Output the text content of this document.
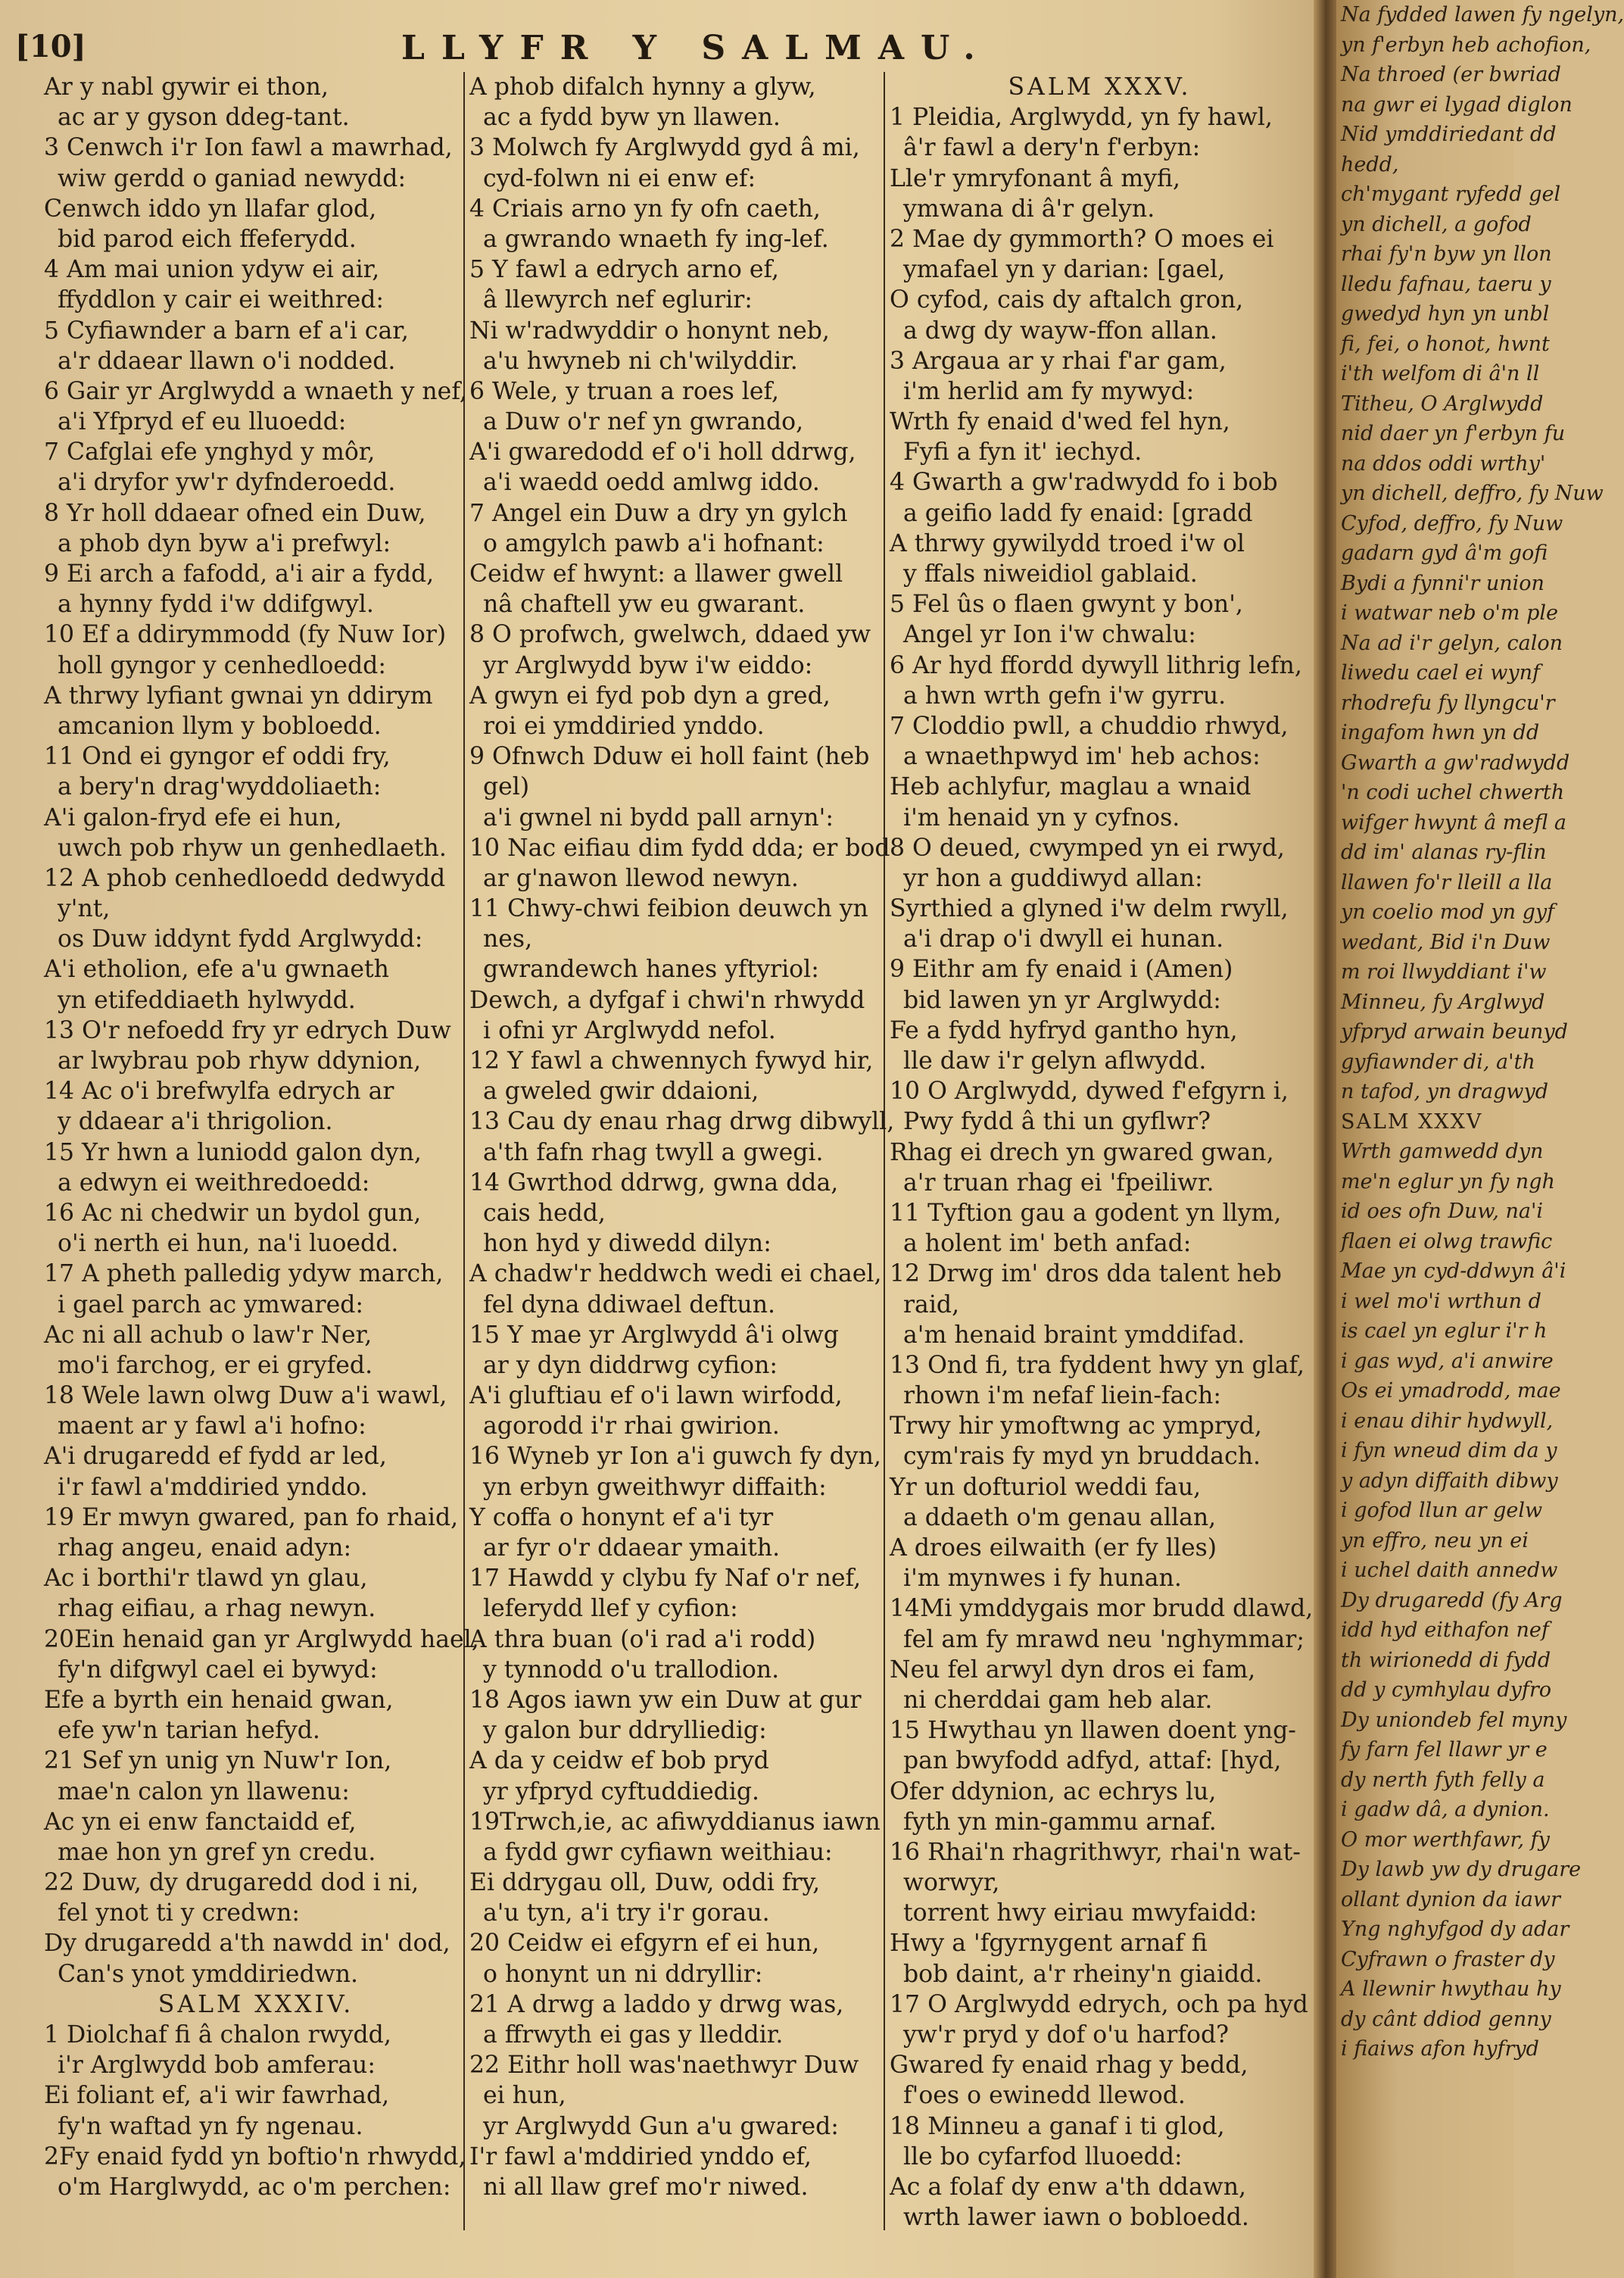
[10]	LLYFR Y SALMAU.
Ar y nabl gywir ei thon,
ac ar y gyson ddeg-tant.
3 Cenwch i'r Ion fawl a mawrhad,
wiw gerdd o ganiad newydd:
Cenwch iddo yn llafar glod,
bid parod eich ffeferydd.
4 Am mai union ydyw ei air,
ffyddlon y cair ei weithred:
5 Cyfiawnder a barn ef a'i car,
a'r ddaear llawn o'i nodded.
6 Gair yr Arglwydd a wnaeth y nef,
a'i Yfpryd ef eu lluoedd:
7 Cafglai efe ynghyd y môr,
a'i dryfor yw'r dyfnderoedd.
8 Yr holl ddaear ofned ein Duw,
a phob dyn byw a'i prefwyl:
9 Ei arch a fafodd, a'i air a fydd,
a hynny fydd i'w ddifgwyl.
10 Ef a ddirymmodd (fy Nuw Ior)
holl gyngor y cenhedloedd:
A thrwy lyfiant gwnai yn ddirym
amcanion llym y bobloedd.
11 Ond ei gyngor ef oddi fry,
a bery'n drag'wyddoliaeth:
A'i galon-fryd efe ei hun,
uwch pob rhyw un genhedlaeth.
12 A phob cenhedloedd dedwydd
y'nt,
os Duw iddynt fydd Arglwydd:
A'i etholion, efe a'u gwnaeth
yn etifeddiaeth hylwydd.
13 O'r nefoedd fry yr edrych Duw
ar lwybrau pob rhyw ddynion,
14 Ac o'i brefwylfa edrych ar
y ddaear a'i thrigolion.
15 Yr hwn a luniodd galon dyn,
a edwyn ei weithredoedd:
16 Ac ni chedwir un bydol gun,
o'i nerth ei hun, na'i luoedd.
17 A pheth palledig ydyw march,
i gael parch ac ymwared:
Ac ni all achub o law'r Ner,
mo'i farchog, er ei gryfed.
18 Wele lawn olwg Duw a'i wawl,
maent ar y fawl a'i hofno:
A'i drugaredd ef fydd ar led,
i'r fawl a'mddiried ynddo.
19 Er mwyn gwared, pan fo rhaid,
rhag angeu, enaid adyn:
Ac i borthi'r tlawd yn glau,
rhag eifiau, a rhag newyn.
20Ein henaid gan yr Arglwydd hael,
fy'n difgwyl cael ei bywyd:
Efe a byrth ein henaid gwan,
efe yw'n tarian hefyd.
21 Sef yn unig yn Nuw'r Ion,
mae'n calon yn llawenu:
Ac yn ei enw fanctaidd ef,
mae hon yn gref yn credu.
22 Duw, dy drugaredd dod i ni,
fel ynot ti y credwn:
Dy drugaredd a'th nawdd in' dod,
Can's ynot ymddiriedwn.
SALM XXXIV.
1 Diolchaf fi â chalon rwydd,
i'r Arglwydd bob amferau:
Ei foliant ef, a'i wir fawrhad,
fy'n waftad yn fy ngenau.
2Fy enaid fydd yn boftio'n rhwydd,
o'm Harglwydd, ac o'm perchen:
A phob difalch hynny a glyw,
ac a fydd byw yn llawen.
3 Molwch fy Arglwydd gyd â mi,
cyd-folwn ni ei enw ef:
4 Criais arno yn fy ofn caeth,
a gwrando wnaeth fy ing-lef.
5 Y fawl a edrych arno ef,
â llewyrch nef eglurir:
Ni w'radwyddir o honynt neb,
a'u hwyneb ni ch'wilyddir.
6 Wele, y truan a roes lef,
a Duw o'r nef yn gwrando,
A'i gwaredodd ef o'i holl ddrwg,
a'i waedd oedd amlwg iddo.
7 Angel ein Duw a dry yn gylch
o amgylch pawb a'i hofnant:
Ceidw ef hwynt: a llawer gwell
nâ chaftell yw eu gwarant.
8 O profwch, gwelwch, ddaed yw
yr Arglwydd byw i'w eiddo:
A gwyn ei fyd pob dyn a gred,
roi ei ymddiried ynddo.
9 Ofnwch Dduw ei holl faint (heb
gel)
a'i gwnel ni bydd pall arnyn':
10 Nac eifiau dim fydd dda; er bod
ar g'nawon llewod newyn.
11 Chwy-chwi feibion deuwch yn
nes,
gwrandewch hanes yftyriol:
Dewch, a dyfgaf i chwi'n rhwydd
i ofni yr Arglwydd nefol.
12 Y fawl a chwennych fywyd hir,
a gweled gwir ddaioni,
13 Cau dy enau rhag drwg dibwyll,
a'th fafn rhag twyll a gwegi.
14 Gwrthod ddrwg, gwna dda,
cais hedd,
hon hyd y diwedd dilyn:
A chadw'r heddwch wedi ei chael,
fel dyna ddiwael deftun.
15 Y mae yr Arglwydd â'i olwg
ar y dyn diddrwg cyfion:
A'i gluftiau ef o'i lawn wirfodd,
agorodd i'r rhai gwirion.
16 Wyneb yr Ion a'i guwch fy dyn,
yn erbyn gweithwyr diffaith:
Y coffa o honynt ef a'i tyr
ar fyr o'r ddaear ymaith.
17 Hawdd y clybu fy Naf o'r nef,
leferydd llef y cyfion:
A thra buan (o'i rad a'i rodd)
y tynnodd o'u trallodion.
18 Agos iawn yw ein Duw at gur
y galon bur ddrylliedig:
A da y ceidw ef bob pryd
yr yfpryd cyftuddiedig.
19Trwch,ie, ac afiwyddianus iawn
a fydd gwr cyfiawn weithiau:
Ei ddrygau oll, Duw, oddi fry,
a'u tyn, a'i try i'r gorau.
20 Ceidw ei efgyrn ef ei hun,
o honynt un ni ddryllir:
21 A drwg a laddo y drwg was,
a ffrwyth ei gas y lleddir.
22 Eithr holl was'naethwyr Duw
ei hun,
yr Arglwydd Gun a'u gwared:
I'r fawl a'mddiried ynddo ef,
ni all llaw gref mo'r niwed.
SALM XXXV.
1 Pleidia, Arglwydd, yn fy hawl,
â'r fawl a dery'n f'erbyn:
Lle'r ymryfonant â myfi,
ymwana di â'r gelyn.
2 Mae dy gymmorth? O moes ei
ymafael yn y darian: [gael,
O cyfod, cais dy aftalch gron,
a dwg dy wayw-ffon allan.
3 Argaua ar y rhai f'ar gam,
i'm herlid am fy mywyd:
Wrth fy enaid d'wed fel hyn,
Fyfi a fyn it' iechyd.
4 Gwarth a gw'radwydd fo i bob
a geifio ladd fy enaid: [gradd
A thrwy gywilydd troed i'w ol
y ffals niweidiol gablaid.
5 Fel ûs o flaen gwynt y bon',
Angel yr Ion i'w chwalu:
6 Ar hyd ffordd dywyll lithrig lefn,
a hwn wrth gefn i'w gyrru.
7 Cloddio pwll, a chuddio rhwyd,
a wnaethpwyd im' heb achos:
Heb achlyfur, maglau a wnaid
i'm henaid yn y cyfnos.
8 O deued, cwymped yn ei rwyd,
yr hon a guddiwyd allan:
Syrthied a glyned i'w delm rwyll,
a'i drap o'i dwyll ei hunan.
9 Eithr am fy enaid i (Amen)
bid lawen yn yr Arglwydd:
Fe a fydd hyfryd gantho hyn,
lle daw i'r gelyn aflwydd.
10 O Arglwydd, dywed f'efgyrn i,
Pwy fydd â thi un gyflwr?
Rhag ei drech yn gwared gwan,
a'r truan rhag ei 'fpeiliwr.
11 Tyftion gau a godent yn llym,
a holent im' beth anfad:
12 Drwg im' dros dda talent heb
raid,
a'm henaid braint ymddifad.
13 Ond fi, tra fyddent hwy yn glaf,
rhown i'm nefaf liein-fach:
Trwy hir ymoftwng ac ympryd,
cym'rais fy myd yn bruddach.
Yr un dofturiol weddi fau,
a ddaeth o'm genau allan,
A droes eilwaith (er fy lles)
i'm mynwes i fy hunan.
14Mi ymddygais mor brudd dlawd,
fel am fy mrawd neu 'nghymmar;
Neu fel arwyl dyn dros ei fam,
ni cherddai gam heb alar.
15 Hwythau yn llawen doent yng-
pan bwyfodd adfyd, attaf: [hyd,
Ofer ddynion, ac echrys lu,
fyth yn min-gammu arnaf.
16 Rhai'n rhagrithwyr, rhai'n wat-
worwyr,
torrent hwy eiriau mwyfaidd:
Hwy a 'fgyrnygent arnaf fi
bob daint, a'r rheiny'n giaidd.
17 O Arglwydd edrych, och pa hyd
yw'r pryd y dof o'u harfod?
Gwared fy enaid rhag y bedd,
f'oes o ewinedd llewod.
18 Minneu a ganaf i ti glod,
lle bo cyfarfod lluoedd:
Ac a folaf dy enw a'th ddawn,
wrth lawer iawn o bobloedd.
Na fydded lawen fy ngelyn,
yn f'erbyn heb achofion,
Na throed (er bwriad
na gwr ei lygad diglon
Nid ymddiriedant dd
hedd,
ch'mygant ryfedd gel
yn dichell, a gofod
rhai fy'n byw yn llon
lledu fafnau, taeru y
gwedyd hyn yn unbl
fi, fei, o honot, hwnt
i'th welfom di â'n ll
Titheu, O Arglwydd
nid daer yn f'erbyn fu
na ddos oddi wrthy'
yn dichell, deffro, fy Nuw
Cyfod, deffro, fy Nuw
gadarn gyd â'm gofi
Bydi a fynni'r union
i watwar neb o'm ple
Na ad i'r gelyn, calon
liwedu cael ei wynf
rhodrefu fy llyngcu'r
ingafom hwn yn dd
Gwarth a gw'radwydd
'n codi uchel chwerth
wifger hwynt â mefl a
dd im' alanas ry-flin
llawen fo'r lleill a lla
yn coelio mod yn gyf
wedant, Bid i'n Duw
m roi llwyddiant i'w
Minneu, fy Arglwyd
yfpryd arwain beunyd
gyfiawnder di, a'th
n tafod, yn dragwyd
SALM XXXV
Wrth gamwedd dyn
me'n eglur yn fy ngh
id oes ofn Duw, na'i
flaen ei olwg trawfic
Mae yn cyd-ddwyn â'i
i wel mo'i wrthun d
is cael yn eglur i'r h
i gas wyd, a'i anwire
Os ei ymadrodd, mae
i enau dihir hydwyll,
i fyn wneud dim da y
y adyn diffaith dibwy
i gofod llun ar gelw
yn effro, neu yn ei
i uchel daith annedw
Dy drugaredd (fy Arg
idd hyd eithafon nef
th wirionedd di fydd
dd y cymhylau dyfro
Dy uniondeb fel myny
fy farn fel llawr yr e
dy nerth fyth felly a
i gadw dâ, a dynion.
O mor werthfawr, fy
Dy lawb yw dy drugare
ollant dynion da iawr
Yng nghyfgod dy adar
Cyfrawn o fraster dy
A llewnir hwythau hy
dy cânt ddiod genny
i fiaiws afon hyfryd
